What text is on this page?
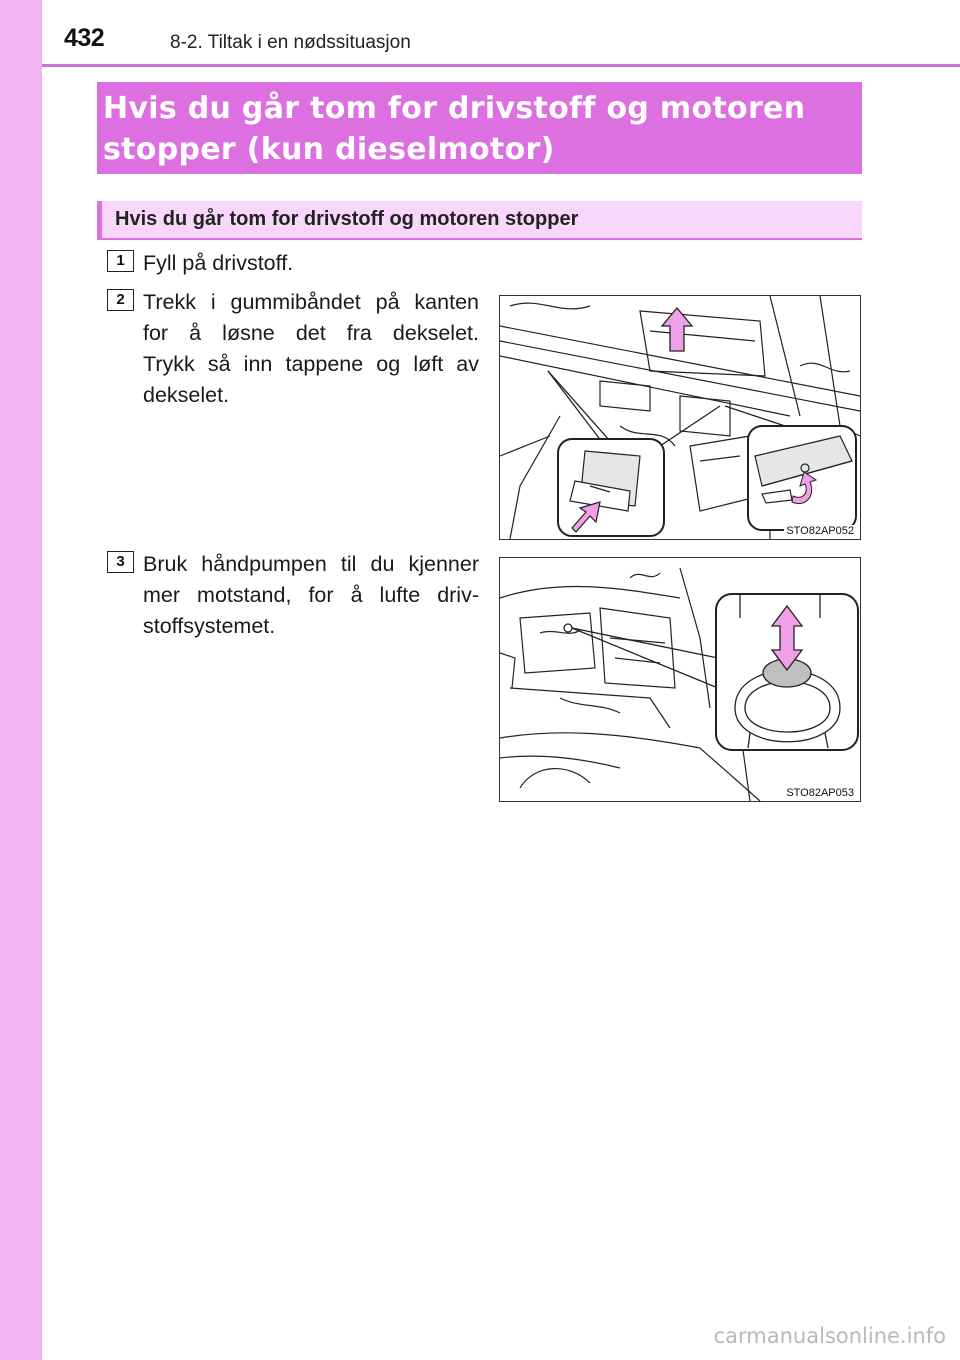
432	8-2. Tiltak i en nødssituasjon
Hvis du går tom for drivstoff og motoren
stopper (kun dieselmotor)
Hvis du går tom for drivstoff og motoren stopper
1 Fyll på drivstoff.
2 Trekk i gummibåndet på kanten
for å løsne det fra dekselet.
Trykk så inn tappene og løft av
dekselet.
STO82AP052
3 Bruk håndpumpen til du kjenner
mer motstand, for å lufte driv-
stoffsystemet.
STO82AP053
carmanualsonline.info
